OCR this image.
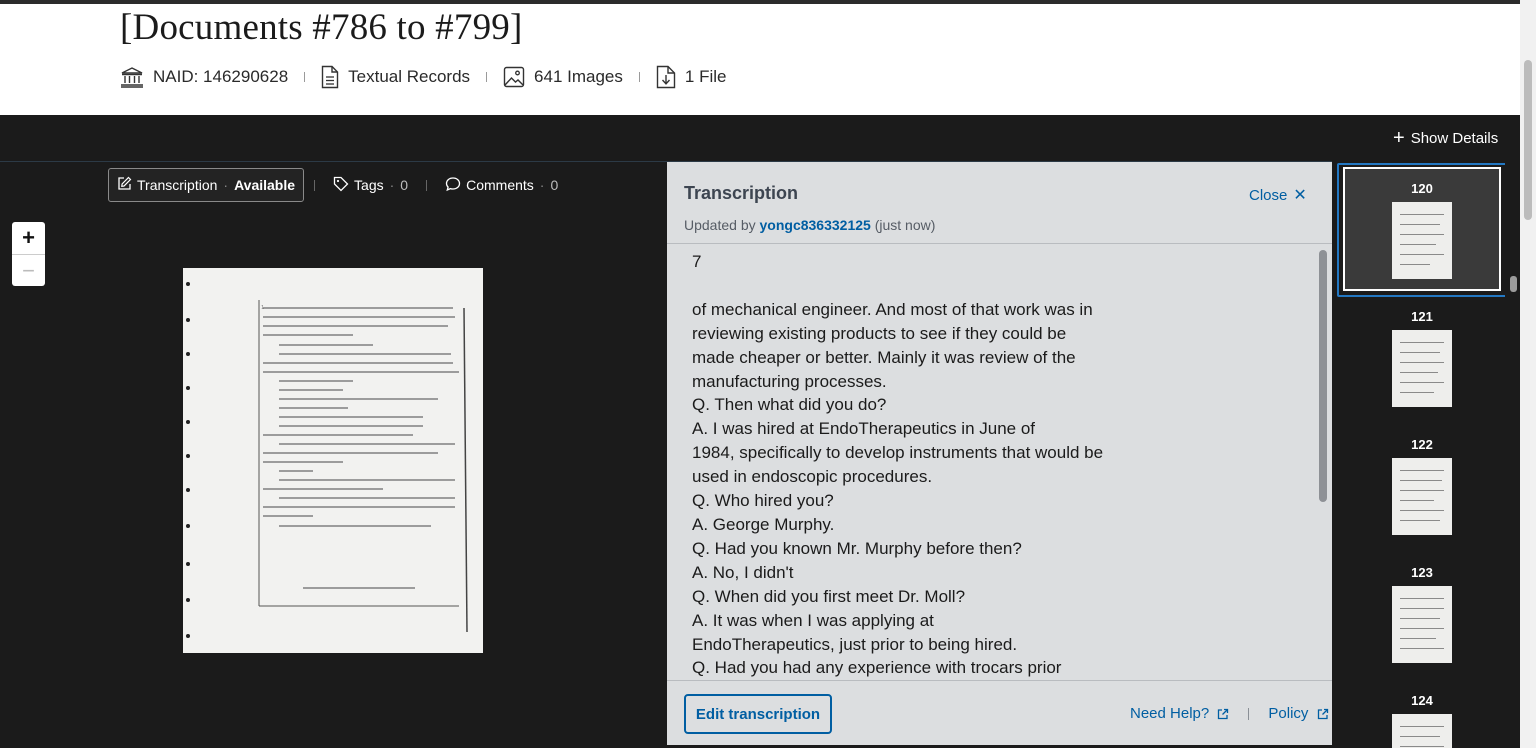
[Documents #786 to #799]
NAID: 146290628	Textual Records	641 Images	1 File
+ Show Details
Transcription · Available	Tags · 0	Comments · 0
+
−
1
Transcription	Close ✕
Updated by yongc836332125 (just now)
7

of mechanical engineer. And most of that work was in
reviewing existing products to see if they could be
made cheaper or better. Mainly it was review of the
manufacturing processes.
Q. Then what did you do?
A. I was hired at EndoTherapeutics in June of
1984, specifically to develop instruments that would be
used in endoscopic procedures.
Q. Who hired you?
A. George Murphy.
Q. Had you known Mr. Murphy before then?
A. No, I didn't
Q. When did you first meet Dr. Moll?
A. It was when I was applying at
EndoTherapeutics, just prior to being hired.
Q. Had you had any experience with trocars prior
Edit transcription	Need Help?	Policy
120
121
122
123
124
